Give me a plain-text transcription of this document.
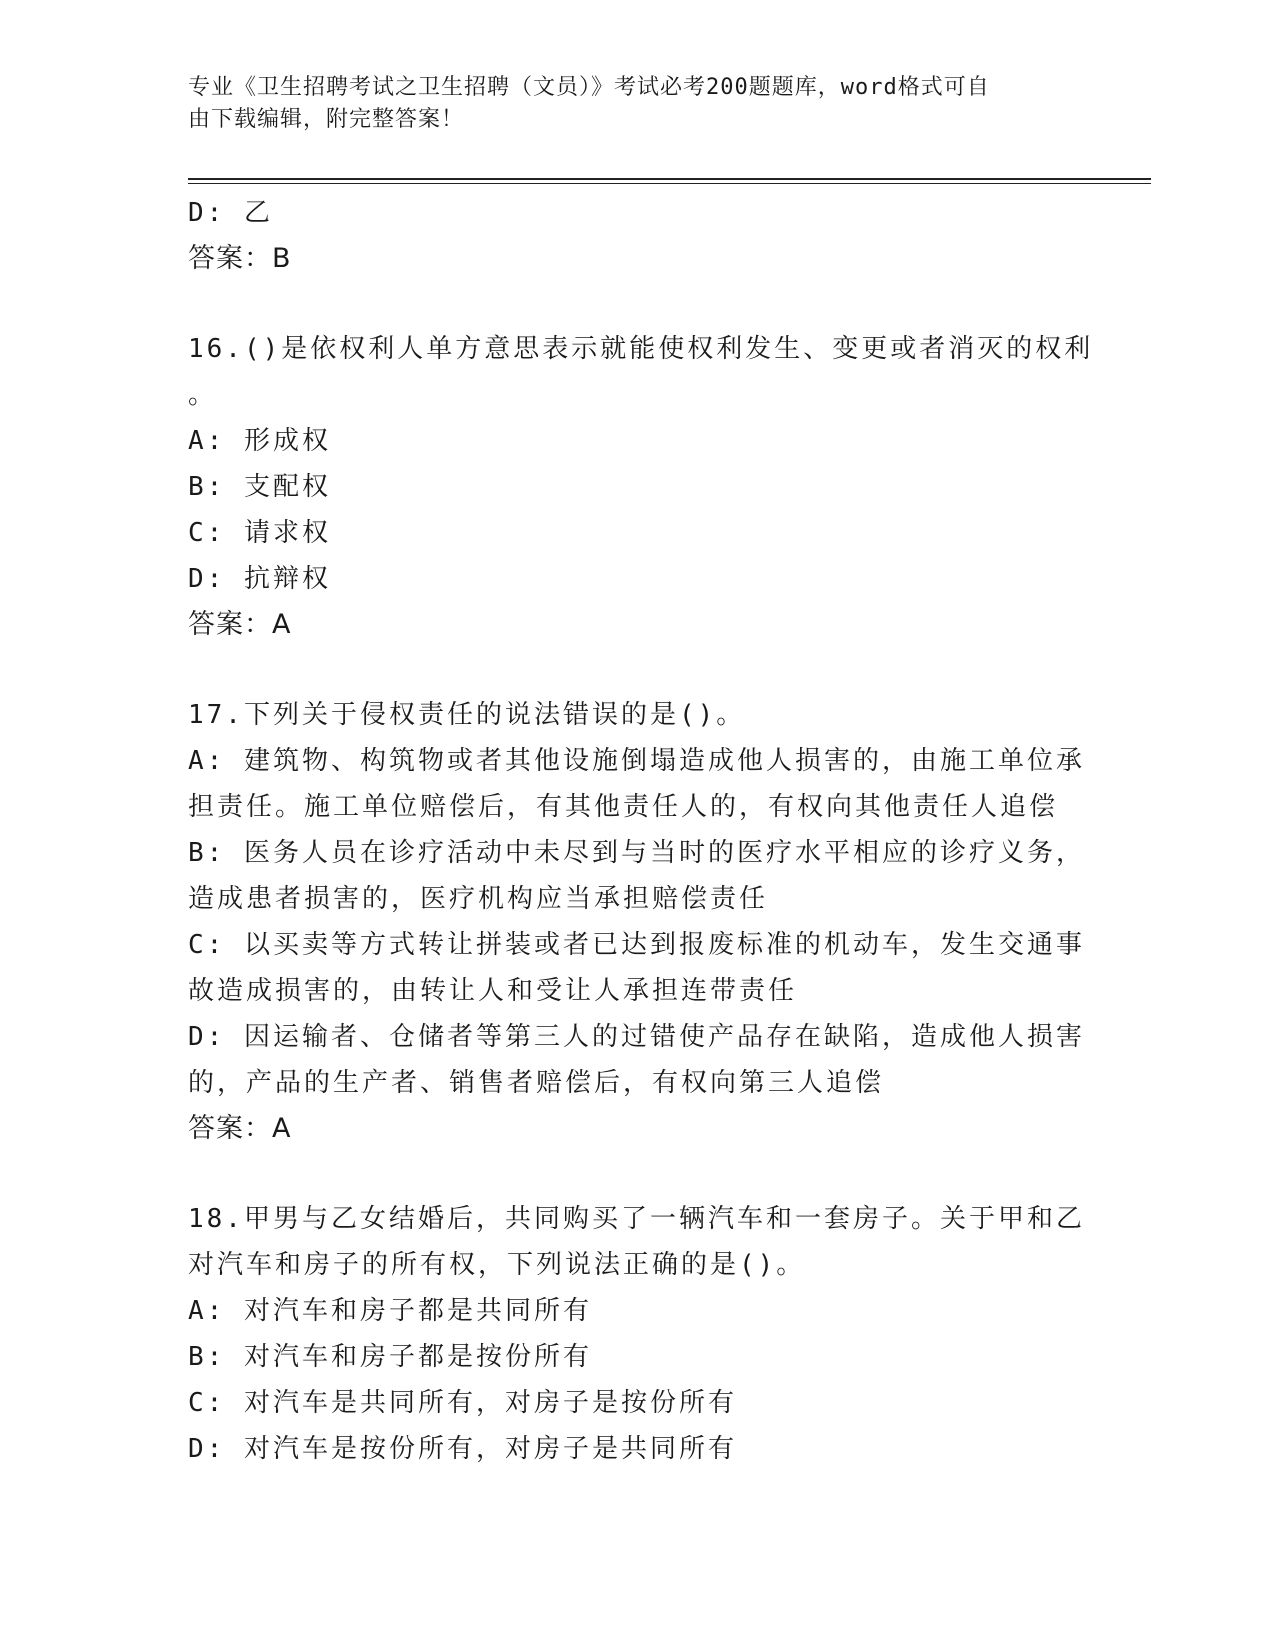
专业《卫生招聘考试之卫生招聘（文员）》考试必考200题题库，word格式可自
由下载编辑，附完整答案！
D: 乙
答案：B
16.()是依权利人单方意思表示就能使权利发生、变更或者消灭的权利
。
A: 形成权
B: 支配权
C: 请求权
D: 抗辩权
答案：A
17.下列关于侵权责任的说法错误的是()。
A: 建筑物、构筑物或者其他设施倒塌造成他人损害的，由施工单位承
担责任。施工单位赔偿后，有其他责任人的，有权向其他责任人追偿
B: 医务人员在诊疗活动中未尽到与当时的医疗水平相应的诊疗义务，
造成患者损害的，医疗机构应当承担赔偿责任
C: 以买卖等方式转让拼装或者已达到报废标准的机动车，发生交通事
故造成损害的，由转让人和受让人承担连带责任
D: 因运输者、仓储者等第三人的过错使产品存在缺陷，造成他人损害
的，产品的生产者、销售者赔偿后，有权向第三人追偿
答案：A
18.甲男与乙女结婚后，共同购买了一辆汽车和一套房子。关于甲和乙
对汽车和房子的所有权，下列说法正确的是()。
A: 对汽车和房子都是共同所有
B: 对汽车和房子都是按份所有
C: 对汽车是共同所有，对房子是按份所有
D: 对汽车是按份所有，对房子是共同所有
